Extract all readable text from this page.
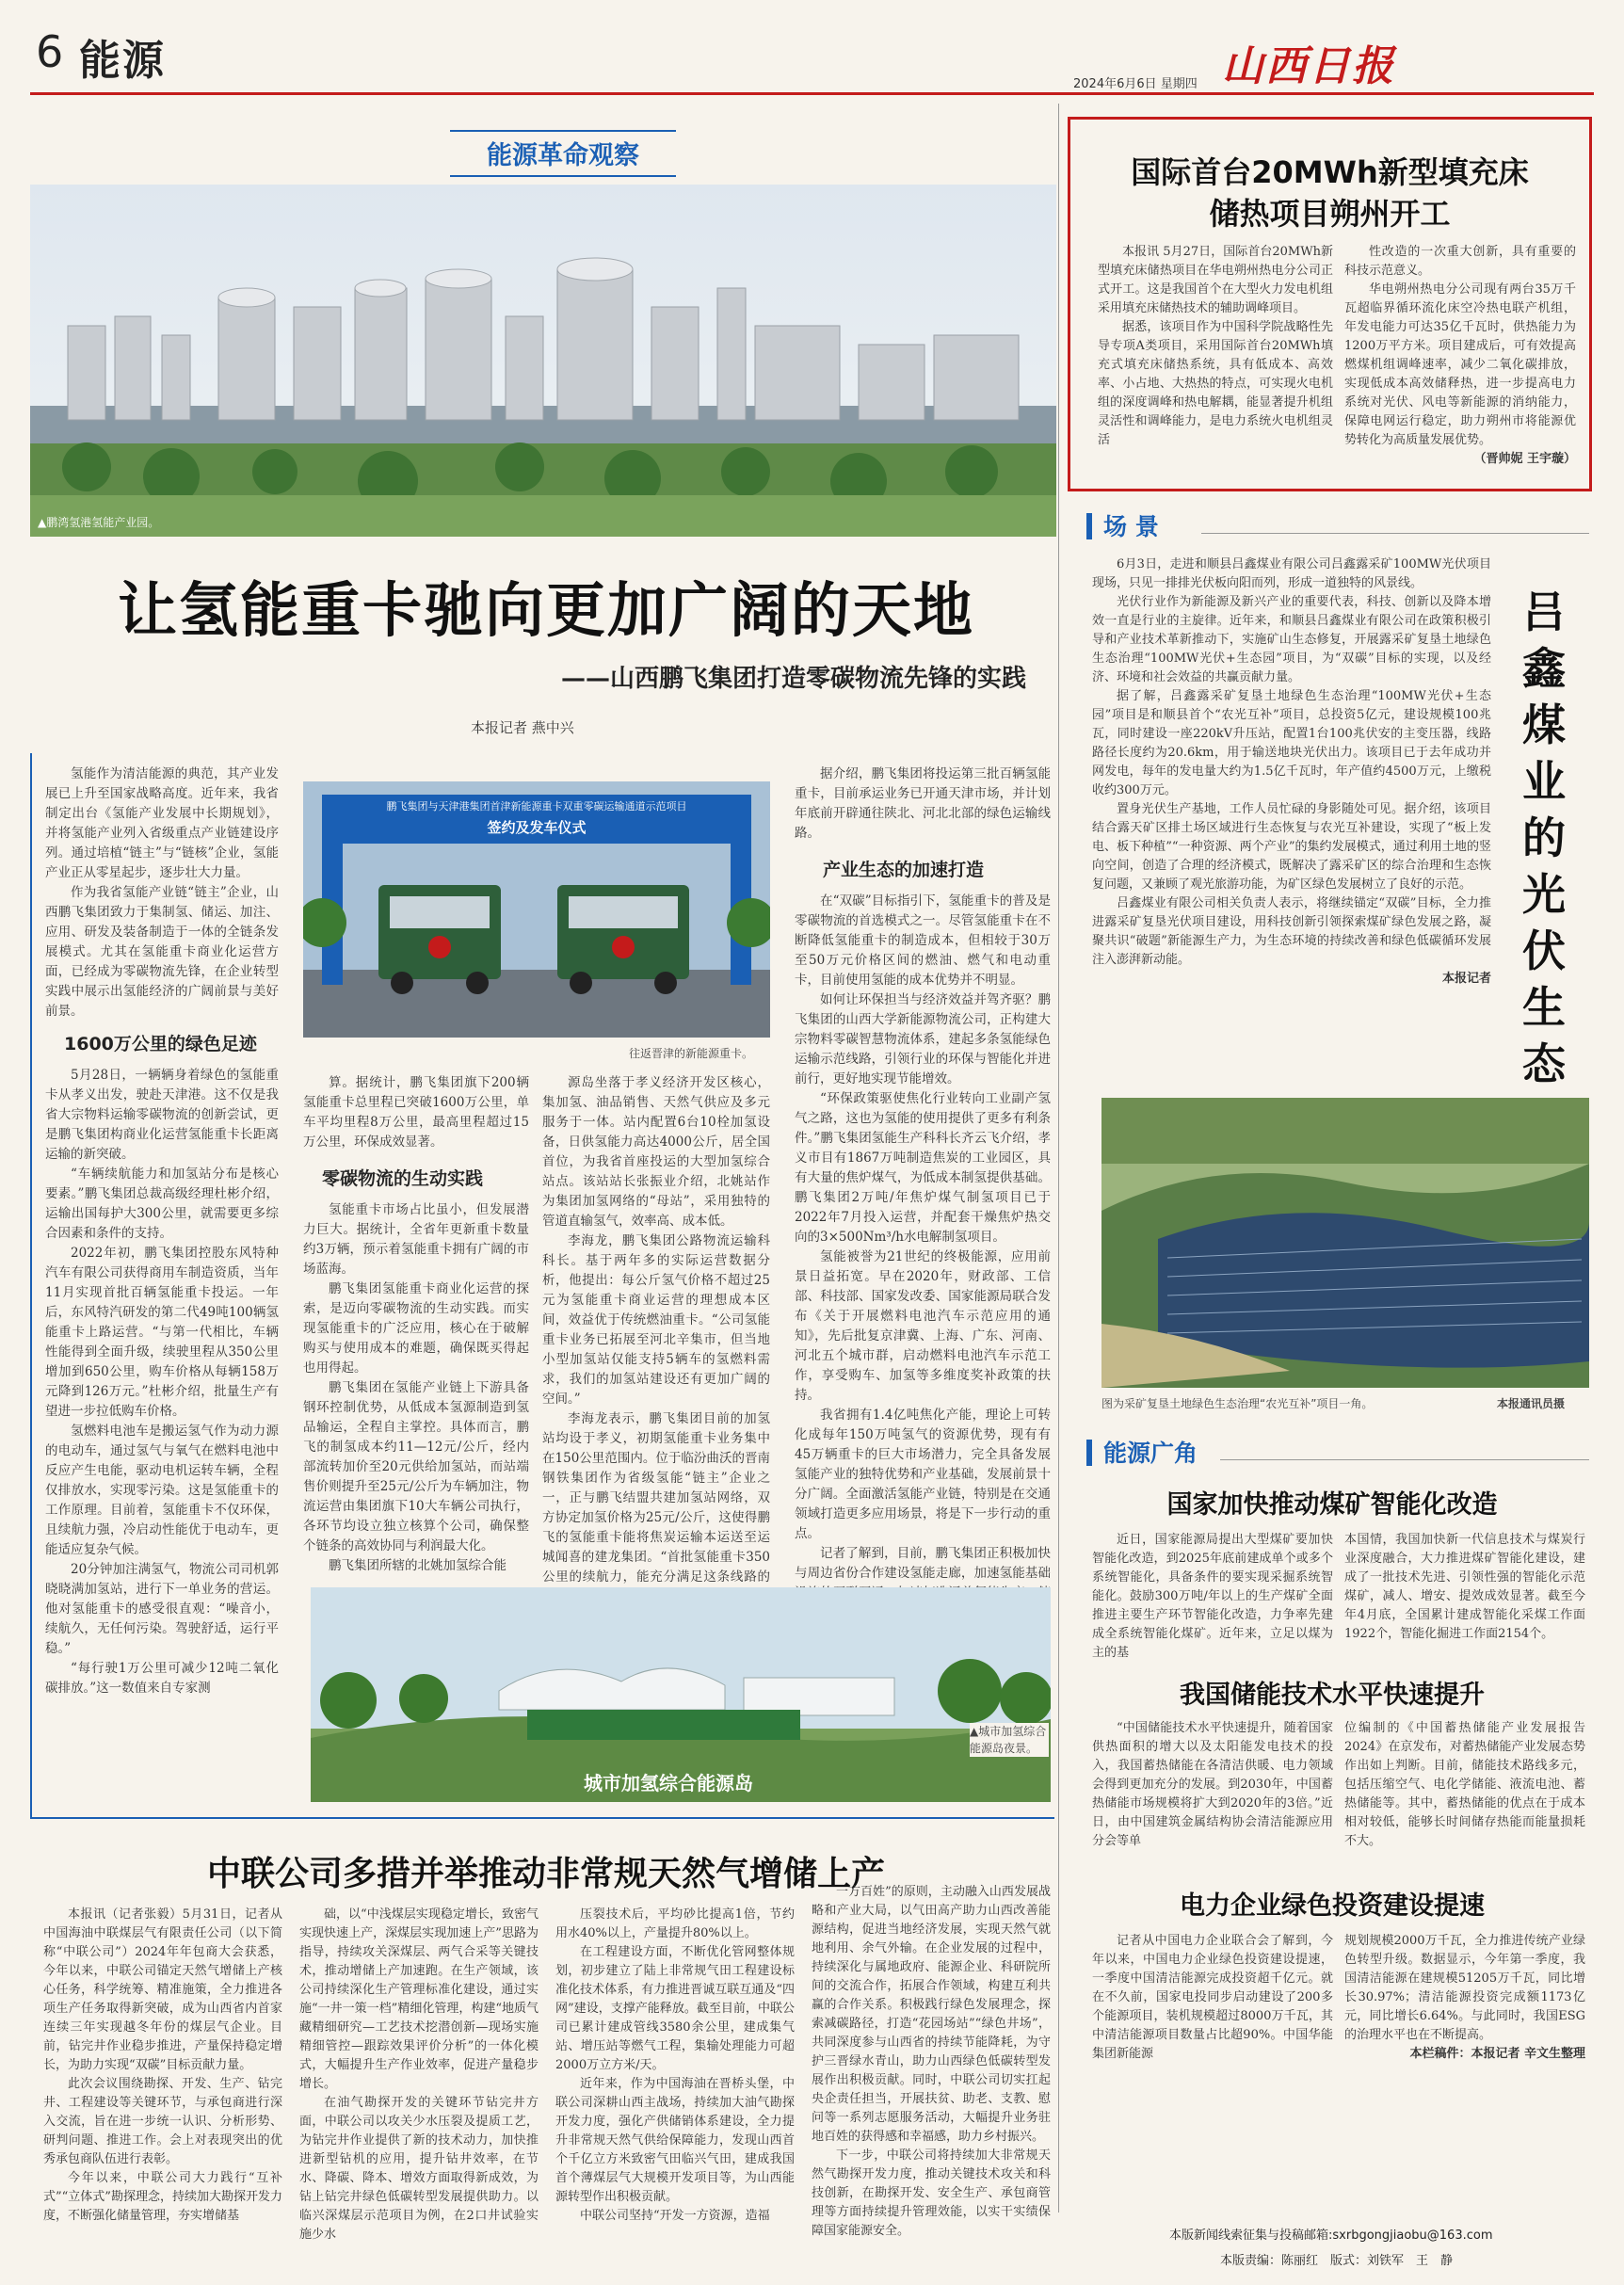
6 能源	2024年6月6日 星期四 山西日报
能源革命观察
▲鹏湾氢港氢能产业园。
让氢能重卡驰向更加广阔的天地
——山西鹏飞集团打造零碳物流先锋的实践
本报记者 燕中兴

氢能作为清洁能源的典范，其产业发展已上升至国家战略高度。近年来，我省制定出台《氢能产业发展中长期规划》，并将氢能产业列入省级重点产业链建设序列。通过培植“链主”与“链核”企业，氢能产业正从零星起步，逐步壮大力量。

作为我省氢能产业链“链主”企业，山西鹏飞集团致力于集制氢、储运、加注、应用、研发及装备制造于一体的全链条发展模式。尤其在氢能重卡商业化运营方面，已经成为零碳物流先锋，在企业转型实践中展示出氢能经济的广阔前景与美好前景。

1600万公里的绿色足迹

5月28日，一辆辆身着绿色的氢能重卡从孝义出发，驶赴天津港。这不仅是我省大宗物料运输零碳物流的创新尝试，更是鹏飞集团构商业化运营氢能重卡长距离运输的新突破。

“车辆续航能力和加氢站分布是核心要素。”鹏飞集团总裁高级经理杜彬介绍，运输出国每护大300公里，就需要更多综合因素和条件的支持。

2022年初，鹏飞集团控股东风特种汽车有限公司获得商用车制造资质，当年11月实现首批百辆氢能重卡投运。一年后，东风特汽研发的第二代49吨100辆氢能重卡上路运营。“与第一代相比，车辆性能得到全面升级，续驶里程从350公里增加到650公里，购车价格从每辆158万元降到126万元。”杜彬介绍，批量生产有望进一步拉低购车价格。

氢燃料电池车是搬运氢气作为动力源的电动车，通过氢气与氧气在燃料电池中反应产生电能，驱动电机运转车辆，全程仅排放水，实现零污染。这是氢能重卡的工作原理。目前着，氢能重卡不仅环保，且续航力强，冷启动性能优于电动车，更能适应复杂气候。

20分钟加注满氢气，物流公司司机郭晓晓满加氢站，进行下一单业务的营运。他对氢能重卡的感受很直观：“噪音小，续航久，无任何污染。驾驶舒适，运行平稳。”

“每行驶1万公里可减少12吨二氧化碳排放。”这一数值来自专家测

鹏飞集团与天津港集团首津新能源重卡双重零碳运输通道示范项目
签约及发车仪式
往返晋津的新能源重卡。

算。据统计，鹏飞集团旗下200辆氢能重卡总里程已突破1600万公里，单车平均里程8万公里，最高里程超过15万公里，环保成效显著。

零碳物流的生动实践

氢能重卡市场占比虽小，但发展潜力巨大。据统计，全省年更新重卡数量约3万辆，预示着氢能重卡拥有广阔的市场蓝海。

鹏飞集团氢能重卡商业化运营的探索，是迈向零碳物流的生动实践。而实现氢能重卡的广泛应用，核心在于破解购买与使用成本的难题，确保既买得起也用得起。

鹏飞集团在氢能产业链上下游具备钢环控制优势，从低成本氢源制造到氢品输运，全程自主掌控。具体而言，鹏飞的制氢成本约11—12元/公斤，经内部流转加价至20元供给加氢站，而站端售价则提升至25元/公斤为车辆加注，物流运营由集团旗下10大车辆公司执行，各环节均设立独立核算个公司，确保整个链条的高效协同与利润最大化。

鹏飞集团所辖的北姚加氢综合能

源岛坐落于孝义经济开发区核心，集加氢、油品销售、天然气供应及多元服务于一体。站内配置6台10栓加氢设备，日供氢能力高达4000公斤，居全国首位，为我省首座投运的大型加氢综合站点。该站站长张振业介绍，北姚站作为集团加氢网络的“母站”，采用独特的管道直输氢气，效率高、成本低。

李海龙，鹏飞集团公路物流运输科科长。基于两年多的实际运营数据分析，他提出：每公斤氢气价格不超过25元为氢能重卡商业运营的理想成本区间，效益优于传统燃油重卡。“公司氢能重卡业务已拓展至河北辛集市，但当地小型加氢站仅能支持5辆车的氢燃料需求，我们的加氢站建设还有更加广阔的空间。”

李海龙表示，鹏飞集团目前的加氢站均设于孝义，初期氢能重卡业务集中在150公里范围内。位于临汾曲沃的晋南钢铁集团作为省级氢能“链主”企业之一，正与鹏飞结盟共建加氢站网络，双方协定加氢价格为25元/公斤，这使得鹏飞的氢能重卡能将焦炭运输本运送至运城闻喜的建龙集团。“首批氢能重卡350公里的续航力，能充分满足这条线路的

据介绍，鹏飞集团将投运第三批百辆氢能重卡，目前承运业务已开通天津市场，并计划年底前开辟通往陕北、河北北部的绿色运输线路。

产业生态的加速打造

在“双碳”目标指引下，氢能重卡的普及是零碳物流的首选模式之一。尽管氢能重卡在不断降低氢能重卡的制造成本，但相较于30万至50万元价格区间的燃油、燃气和电动重卡，目前使用氢能的成本优势并不明显。

如何让环保担当与经济效益并驾齐驱？鹏飞集团的山西大学新能源物流公司，正构建大宗物料零碳智慧物流体系，建起多条氢能绿色运输示范线路，引领行业的环保与智能化并进前行，更好地实现节能增效。

“环保政策驱使焦化行业转向工业副产氢气之路，这也为氢能的使用提供了更多有利条件。”鹏飞集团氢能生产科科长齐云飞介绍，孝义市目有1867万吨制造焦炭的工业园区，具有大量的焦炉煤气，为低成本制氢提供基础。鹏飞集团2万吨/年焦炉煤气制氢项目已于2022年7月投入运营，并配套干燥焦炉热交向的3×500Nm³/h水电解制氢项目。

氢能被誉为21世纪的终极能源，应用前景日益拓宽。早在2020年，财政部、工信部、科技部、国家发改委、国家能源局联合发布《关于开展燃料电池汽车示范应用的通知》，先后批复京津冀、上海、广东、河南、河北五个城市群，启动燃料电池汽车示范工作，享受购车、加氢等多维度奖补政策的扶持。

我省拥有1.4亿吨焦化产能，理论上可转化成每年150万吨氢气的资源优势，现有有45万辆重卡的巨大市场潜力，完全具备发展氢能产业的独特优势和产业基础，发展前景十分广阔。全面激活氢能产业链，特别是在交通领域打造更多应用场景，将是下一步行动的重点。

记者了解到，目前，鹏飞集团正积极加快与周边省份合作建设氢能走廊，加速氢能基础

城市加氢综合能源岛
▲城市加氢综合能源岛夜景。
国际首台20MWh新型填充床
储热项目朔州开工

本报讯 5月27日，国际首台20MWh新型填充床储热项目在华电朔州热电分公司正式开工。这是我国首个在大型火力发电机组采用填充床储热技术的辅助调峰项目。

据悉，该项目作为中国科学院战略性先导专项A类项目，采用国际首台20MWh填充式填充床储热系统，具有低成本、高效率、小占地、大热热的特点，可实现火电机组的深度调峰和热电解耦，能显著提升机组灵活性和调峰能力，是电力系统火电机组灵活

性改造的一次重大创新，具有重要的科技示范意义。

华电朔州热电分公司现有两台35万千瓦超临界循环流化床空冷热电联产机组，年发电能力可达35亿千瓦时，供热能力为1200万平方米。项目建成后，可有效提高燃煤机组调峰速率，减少二氧化碳排放，实现低成本高效储释热，进一步提高电力系统对光伏、风电等新能源的消纳能力，保障电网运行稳定，助力朔州市将能源优势转化为高质量发展优势。

（晋帅妮 王宇璇）
场 景

6月3日，走进和顺县吕鑫煤业有限公司吕鑫露采矿100MW光伏项目现场，只见一排排光伏板向阳而列，形成一道独特的风景线。

光伏行业作为新能源及新兴产业的重要代表，科技、创新以及降本增效一直是行业的主旋律。近年来，和顺县吕鑫煤业有限公司在政策积极引导和产业技术革新推动下，实施矿山生态修复，开展露采矿复垦土地绿色生态治理“100MW光伏+生态园”项目，为“双碳”目标的实现，以及经济、环境和社会效益的共赢贡献力量。

据了解，吕鑫露采矿复垦土地绿色生态治理“100MW光伏+生态园”项目是和顺县首个“农光互补”项目，总投资5亿元，建设规模100兆瓦，同时建设一座220kV升压站，配置1台100兆伏安的主变压器，线路路径长度约为20.6km，用于输送地块光伏出力。该项目已于去年成功并网发电，每年的发电量大约为1.5亿千瓦时，年产值约4500万元，上缴税收约300万元。

置身光伏生产基地，工作人员忙碌的身影随处可见。据介绍，该项目结合露天矿区排土场区域进行生态恢复与农光互补建设，实现了“板上发电、板下种植”“一种资源、两个产业”的集约发展模式，通过利用土地的竖向空间，创造了合理的经济模式，既解决了露采矿区的综合治理和生态恢复问题，又兼顾了观光旅游功能，为矿区绿色发展树立了良好的示范。

吕鑫煤业有限公司相关负责人表示，将继续锚定“双碳”目标，全力推进露采矿复垦光伏项目建设，用科技创新引领探索煤矿绿色发展之路，凝聚共识“破题”新能源生产力，为生态环境的持续改善和绿色低碳循环发展注入澎湃新动能。

本报记者
吕鑫煤业的光伏生态
图为采矿复垦土地绿色生态治理“农光互补”项目一角。	本报通讯员摄
能源广角
国家加快推动煤矿智能化改造

近日，国家能源局提出大型煤矿要加快智能化改造，到2025年底前建成单个或多个系统智能化，具备条件的要实现采掘系统智能化。鼓励300万吨/年以上的生产煤矿全面推进主要生产环节智能化改造，力争率先建成全系统智能化煤矿。近年来，立足以煤为主的基

本国情，我国加快新一代信息技术与煤炭行业深度融合，大力推进煤矿智能化建设，建成了一批技术先进、引领性强的智能化示范煤矿，减人、增安、提效成效显著。截至今年4月底，全国累计建成智能化采煤工作面1922个，智能化掘进工作面2154个。

我国储能技术水平快速提升

“中国储能技术水平快速提升，随着国家供热面积的增大以及太阳能发电技术的投入，我国蓄热储能在各清洁供暖、电力领域会得到更加充分的发展。到2030年，中国蓄热储能市场规模将扩大到2020年的3倍。”近日，由中国建筑金属结构协会清洁能源应用分会等单

位编制的《中国蓄热储能产业发展报告2024》在京发布，对蓄热储能产业发展态势作出如上判断。目前，储能技术路线多元，包括压缩空气、电化学储能、液流电池、蓄热储能等。其中，蓄热储能的优点在于成本相对较低，能够长时间储存热能而能量损耗不大。

电力企业绿色投资建设提速

记者从中国电力企业联合会了解到，今年以来，中国电力企业绿色投资建设提速，一季度中国清洁能源完成投资超千亿元。就在不久前，国家电投同步启动建设了200多个能源项目，装机规模超过8000万千瓦，其中清洁能源项目数量占比超90%。中国华能集团新能源

规划规模2000万千瓦，全力推进传统产业绿色转型升级。数据显示，今年第一季度，我国清洁能源在建规模51205万千瓦，同比增长30.97%；清洁能源投资完成额1173亿元，同比增长6.64%。与此同时，我国ESG的治理水平也在不断提高。

本栏稿件：本报记者 辛文生整理
中联公司多措并举推动非常规天然气增储上产

本报讯（记者张毅）5月31日，记者从中国海油中联煤层气有限责任公司（以下简称“中联公司”）2024年年包商大会获悉，今年以来，中联公司锚定天然气增储上产核心任务，科学统筹、精准施策，全力推进各项生产任务取得新突破，成为山西省内首家连续三年实现越冬年份的煤层气企业。目前，钻完井作业稳步推进，产量保持稳定增长，为助力实现“双碳”目标贡献力量。

此次会议围绕勘探、开发、生产、钻完井、工程建设等关键环节，与承包商进行深入交流，旨在进一步统一认识、分析形势、研判问题、推进工作。会上对表现突出的优秀承包商队伍进行表彰。

今年以来，中联公司大力践行“互补式”“立体式”勘探理念，持续加大勘探开发力度，不断强化储量管理，夯实增储基

础，以“中浅煤层实现稳定增长，致密气实现快速上产，深煤层实现加速上产”思路为指导，持续攻关深煤层、两气合采等关键技术，推动增储上产加速跑。在生产领域，该公司持续深化生产管理标准化建设，通过实施“一井一策一档”精细化管理，构建“地质气藏精细研究—工艺技术挖潜创新—现场实施精细管控—跟踪效果评价分析”的一体化模式，大幅提升生产作业效率，促进产量稳步增长。

在油气勘探开发的关键环节钻完井方面，中联公司以攻关少水压裂及提质工艺，为钻完井作业提供了新的技术动力，加快推进新型钻机的应用，提升钻井效率，在节水、降碳、降本、增效方面取得新成效，为钻上钻完井绿色低碳转型发展提供助力。以临兴深煤层示范项目为例，在2口井试验实施少水

压裂技术后，平均砂比提高1倍，节约用水40%以上，产量提升80%以上。

在工程建设方面，不断优化管网整体规划，初步建立了陆上非常规气田工程建设标准化技术体系，有力推进晋诚互联互通及“四网”建设，支撑产能释放。截至目前，中联公司已累计建成管线3580余公里，建成集气站、增压站等燃气工程，集输处理能力可超2000万立方米/天。

近年来，作为中国海油在晋桥头堡，中联公司深耕山西主战场，持续加大油气勘探开发力度，强化产供储销体系建设，全力提升非常规天然气供给保障能力，发现山西首个千亿立方米致密气田临兴气田，建成我国首个薄煤层气大规模开发项目等，为山西能源转型作出积极贡献。

中联公司坚持“开发一方资源，造福

一方百姓”的原则，主动融入山西发展战略和产业大局，以气田高产助力山西改善能源结构，促进当地经济发展，实现天然气就地利用、余气外输。在企业发展的过程中，持续深化与属地政府、能源企业、科研院所间的交流合作，拓展合作领域，构建互利共赢的合作关系。积极践行绿色发展理念，探索减碳路径，打造“花园场站”“绿色井场”，共同深度参与山西省的持续节能降耗，为守护三晋绿水青山，助力山西绿色低碳转型发展作出积极贡献。同时，中联公司切实扛起央企责任担当，开展扶贫、助老、支教、慰问等一系列志愿服务活动，大幅提升业务驻地百姓的获得感和幸福感，助力乡村振兴。

下一步，中联公司将持续加大非常规天然气勘探开发力度，推动关键技术攻关和科技创新，在勘探开发、安全生产、承包商管理等方面持续提升管理效能，以实干实绩保障国家能源安全。	本版新闻线索征集与投稿邮箱:sxrbgongjiaobu@163.com
本版责编：陈丽红　版式：刘铁军　王　静
